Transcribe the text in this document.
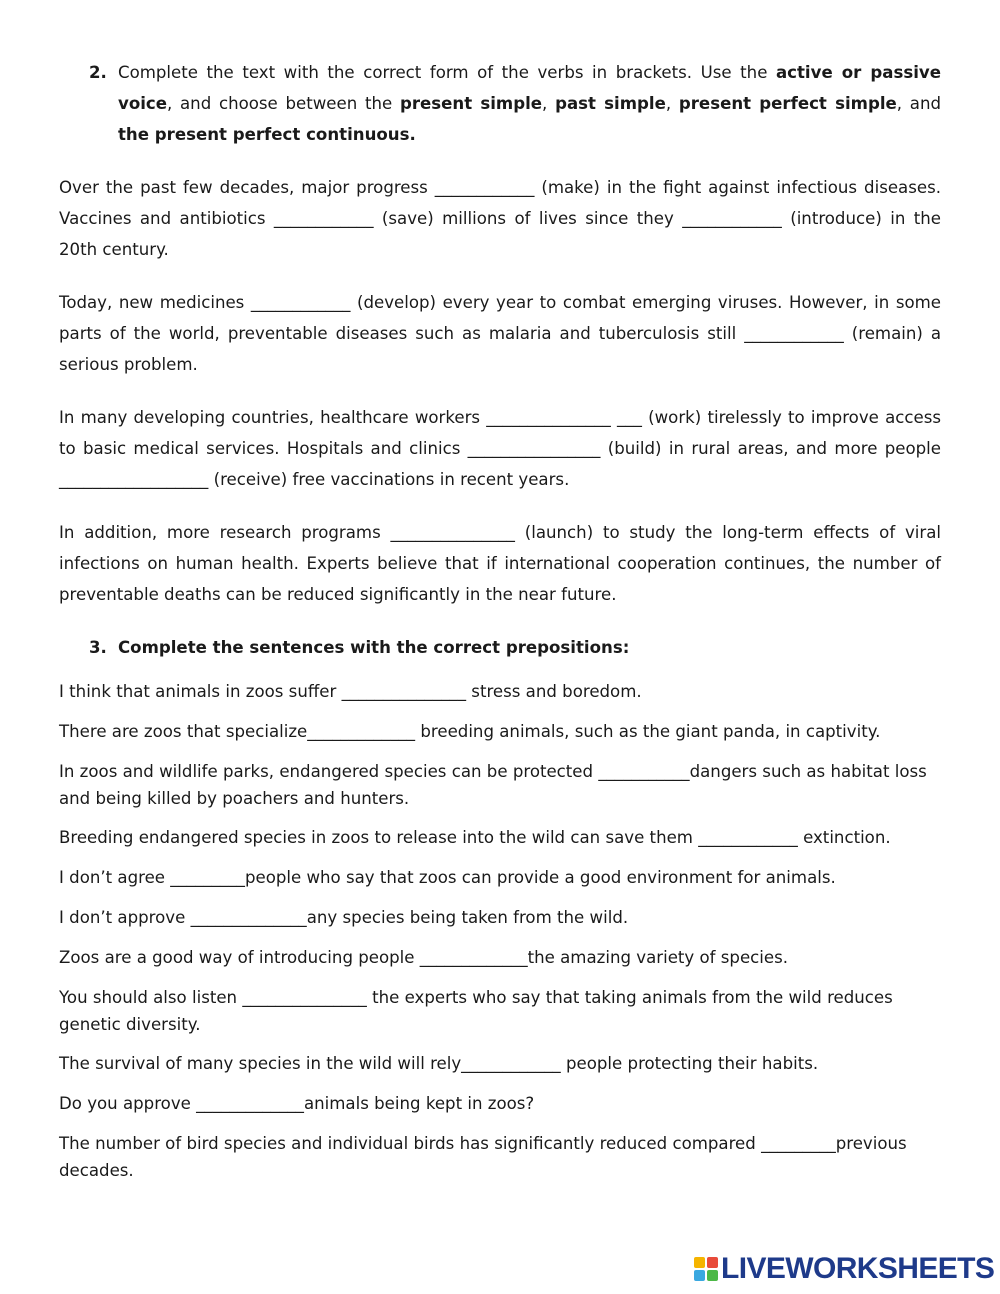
2. Complete the text with the correct form of the verbs in brackets. Use the active or passive voice, and choose between the present simple, past simple, present perfect simple, and the present perfect continuous.

Over the past few decades, major progress ____________ (make) in the fight against infectious diseases. Vaccines and antibiotics ____________ (save) millions of lives since they ____________ (introduce) in the 20th century.

Today, new medicines ____________ (develop) every year to combat emerging viruses. However, in some parts of the world, preventable diseases such as malaria and tuberculosis still ____________ (remain) a serious problem.

In many developing countries, healthcare workers _______________ ___ (work) tirelessly to improve access to basic medical services. Hospitals and clinics ________________ (build) in rural areas, and more people __________________ (receive) free vaccinations in recent years.

In addition, more research programs _______________ (launch) to study the long-term effects of viral infections on human health. Experts believe that if international cooperation continues, the number of preventable deaths can be reduced significantly in the near future.

3. Complete the sentences with the correct prepositions:

I think that animals in zoos suffer _______________ stress and boredom.

There are zoos that specialize_____________ breeding animals, such as the giant panda, in captivity.

In zoos and wildlife parks, endangered species can be protected ___________dangers such as habitat loss and being killed by poachers and hunters.

Breeding endangered species in zoos to release into the wild can save them ____________ extinction.

I don’t agree _________people who say that zoos can provide a good environment for animals.

I don’t approve ______________any species being taken from the wild.

Zoos are a good way of introducing people _____________the amazing variety of species.

You should also listen _______________ the experts who say that taking animals from the wild reduces genetic diversity.

The survival of many species in the wild will rely____________ people protecting their habits.

Do you approve _____________animals being kept in zoos?

The number of bird species and individual birds has significantly reduced compared _________previous decades.

LIVEWORKSHEETS
